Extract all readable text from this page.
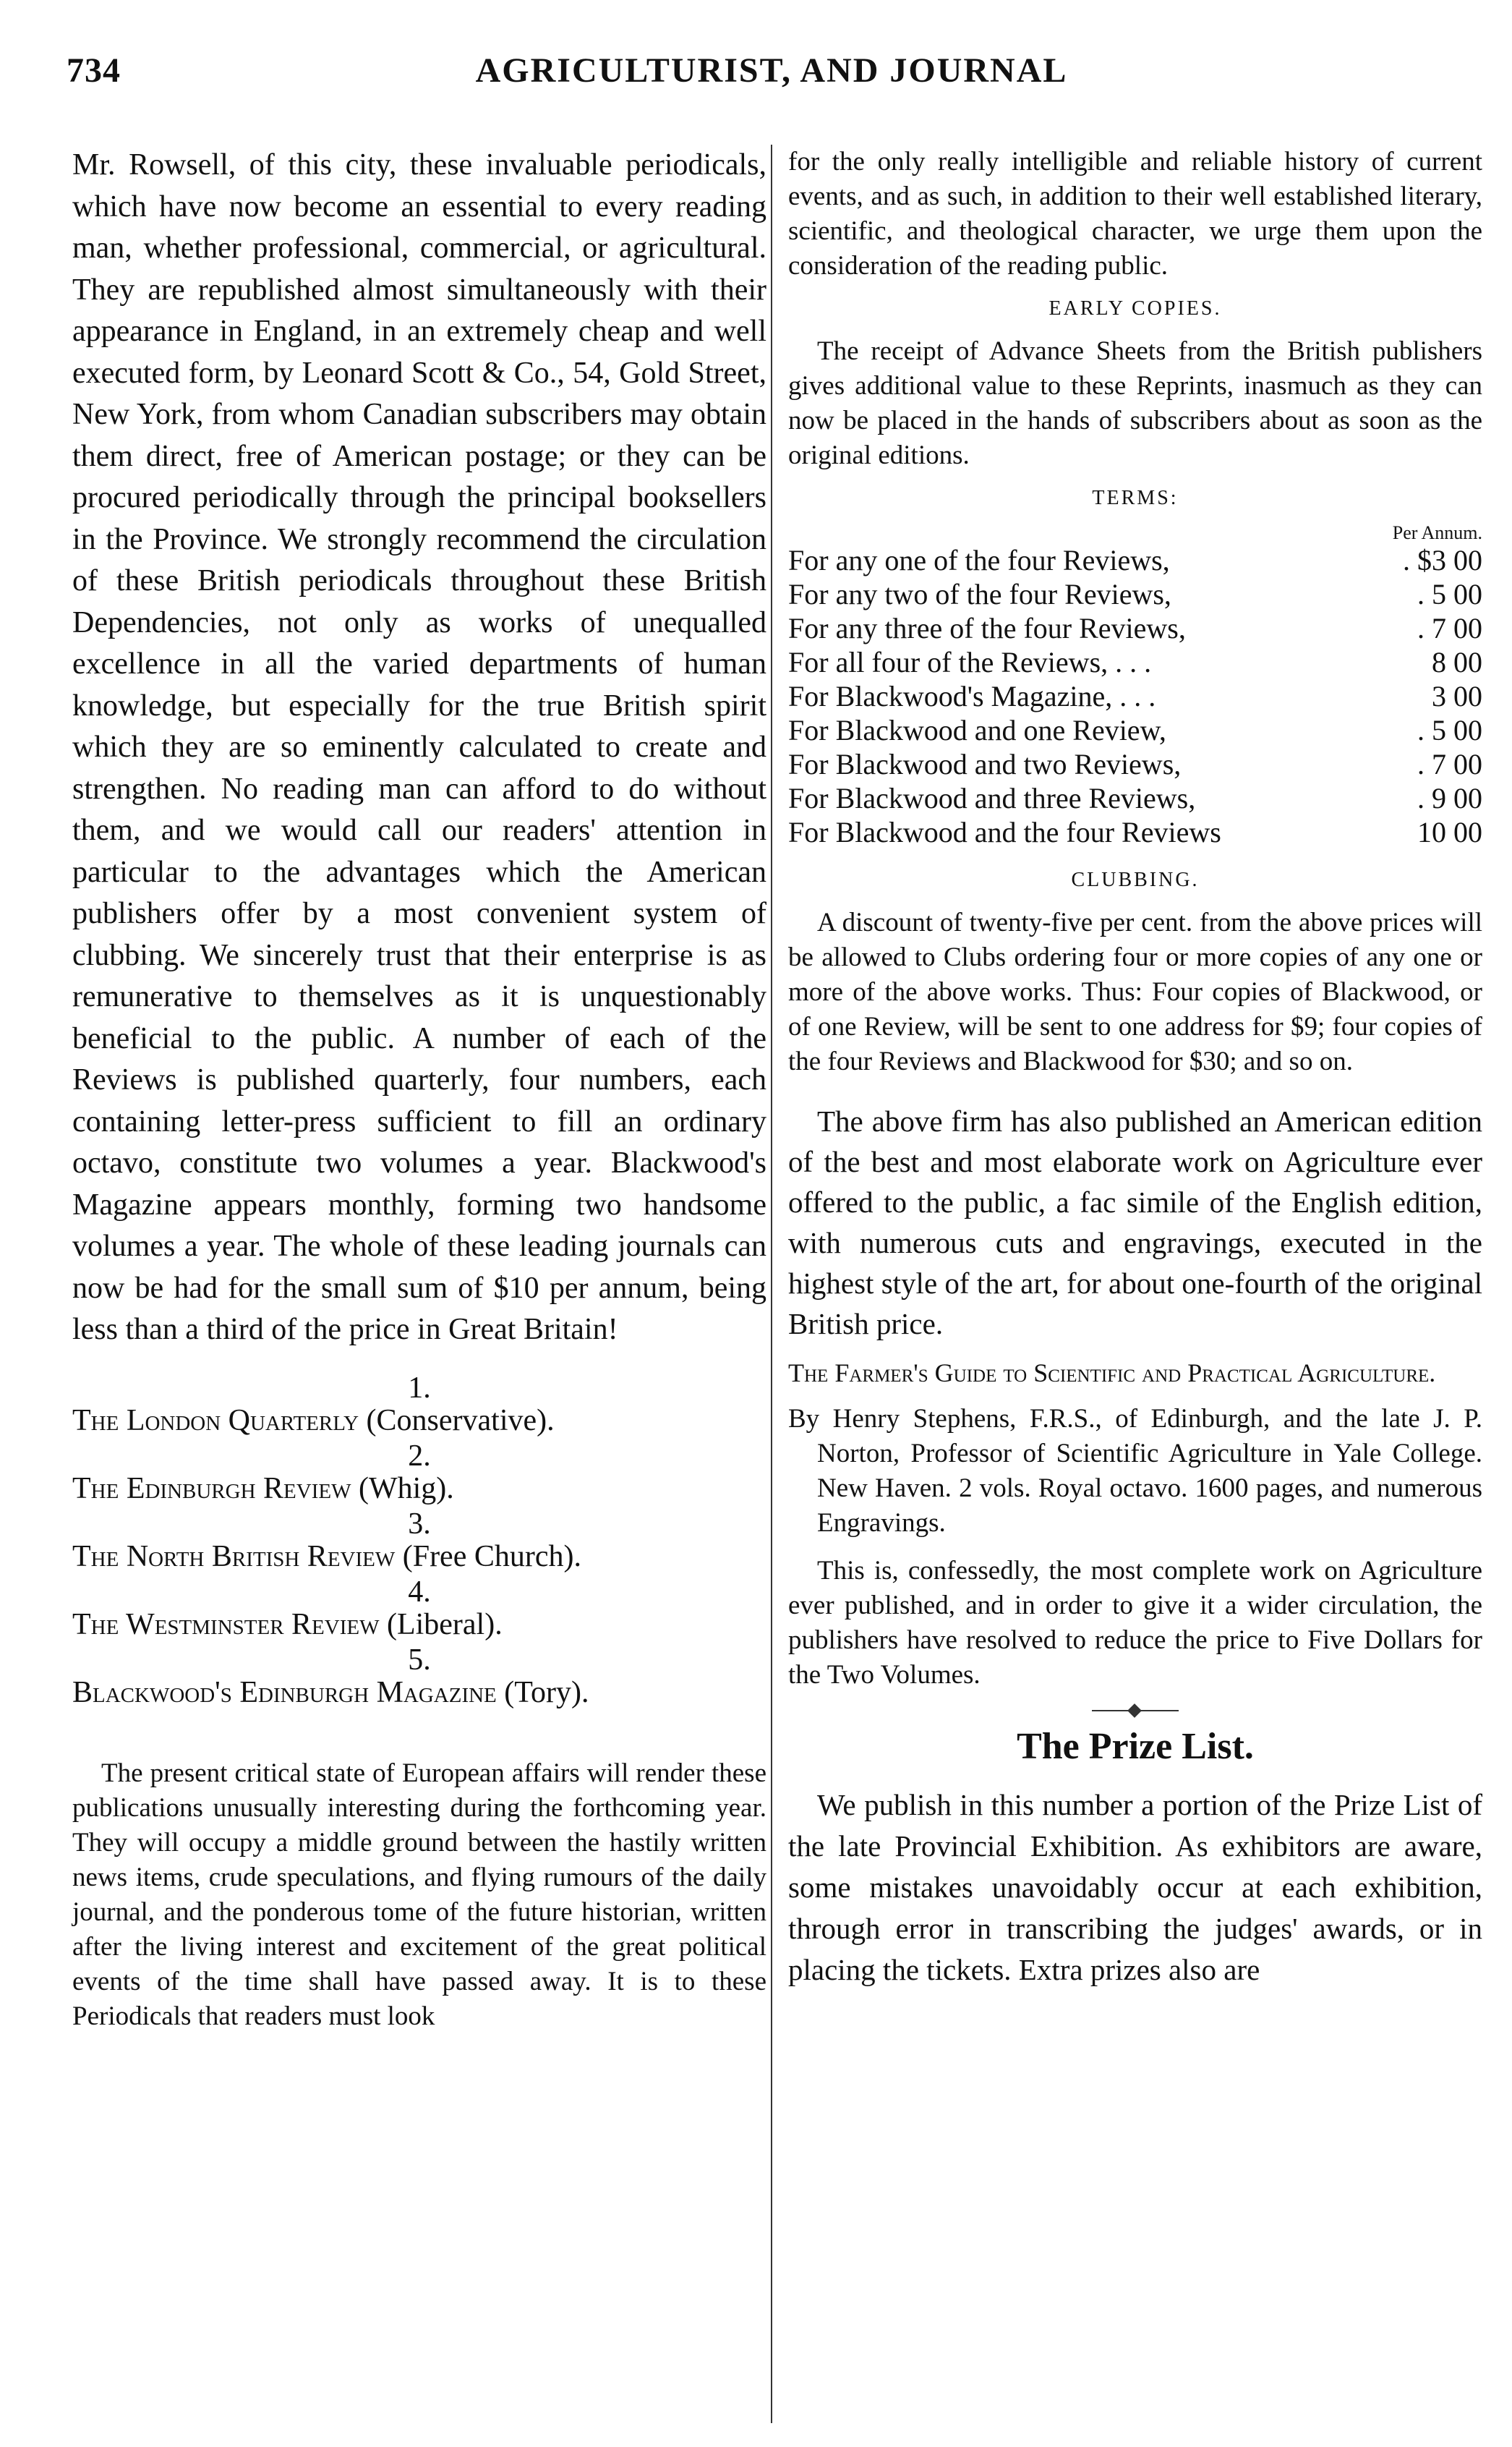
734	AGRICULTURIST, AND JOURNAL

Mr. Rowsell, of this city, these invaluable periodicals, which have now become an essential to every reading man, whether professional, commercial, or agricultural. They are republished almost simultaneously with their appearance in England, in an extremely cheap and well executed form, by Leonard Scott & Co., 54, Gold Street, New York, from whom Canadian subscribers may obtain them direct, free of American postage; or they can be procured periodically through the principal booksellers in the Province. We strongly recommend the circulation of these British periodicals throughout these British Dependencies, not only as works of unequalled excellence in all the varied departments of human knowledge, but especially for the true British spirit which they are so eminently calculated to create and strengthen. No reading man can afford to do without them, and we would call our readers' attention in particular to the advantages which the American publishers offer by a most convenient system of clubbing. We sincerely trust that their enterprise is as remunerative to themselves as it is unquestionably beneficial to the public. A number of each of the Reviews is published quarterly, four numbers, each containing letter-press sufficient to fill an ordinary octavo, constitute two volumes a year. Blackwood's Magazine appears monthly, forming two handsome volumes a year. The whole of these leading journals can now be had for the small sum of $10 per annum, being less than a third of the price in Great Britain!

1.
The London Quarterly (Conservative).
2.
The Edinburgh Review (Whig).
3.
The North British Review (Free Church).
4.
The Westminster Review (Liberal).
5.
Blackwood's Edinburgh Magazine (Tory).

The present critical state of European affairs will render these publications unusually interesting during the forthcoming year. They will occupy a middle ground between the hastily written news items, crude speculations, and flying rumours of the daily journal, and the ponderous tome of the future historian, written after the living interest and excitement of the great political events of the time shall have passed away. It is to these Periodicals that readers must look

for the only really intelligible and reliable history of current events, and as such, in addition to their well established literary, scientific, and theological character, we urge them upon the consideration of the reading public.

EARLY COPIES.

The receipt of Advance Sheets from the British publishers gives additional value to these Reprints, inasmuch as they can now be placed in the hands of subscribers about as soon as the original editions.

TERMS:
Per Annum.
For any one of the four Reviews,	. $3 00
For any two of the four Reviews,	. 5 00
For any three of the four Reviews,	. 7 00
For all four of the Reviews, . . .	8 00
For Blackwood's Magazine, . . .	3 00
For Blackwood and one Review,	. 5 00
For Blackwood and two Reviews,	. 7 00
For Blackwood and three Reviews,	. 9 00
For Blackwood and the four Reviews	10 00
CLUBBING.

A discount of twenty-five per cent. from the above prices will be allowed to Clubs ordering four or more copies of any one or more of the above works. Thus: Four copies of Blackwood, or of one Review, will be sent to one address for $9; four copies of the four Reviews and Blackwood for $30; and so on.

The above firm has also published an American edition of the best and most elaborate work on Agriculture ever offered to the public, a fac simile of the English edition, with numerous cuts and engravings, executed in the highest style of the art, for about one-fourth of the original British price.

The Farmer's Guide to Scientific and Practical Agriculture.

By Henry Stephens, F.R.S., of Edinburgh, and the late J. P. Norton, Professor of Scientific Agriculture in Yale College. New Haven. 2 vols. Royal octavo. 1600 pages, and numerous Engravings.

This is, confessedly, the most complete work on Agriculture ever published, and in order to give it a wider circulation, the publishers have resolved to reduce the price to Five Dollars for the Two Volumes.

The Prize List.

We publish in this number a portion of the Prize List of the late Provincial Exhibition. As exhibitors are aware, some mistakes unavoidably occur at each exhibition, through error in transcribing the judges' awards, or in placing the tickets. Extra prizes also are
